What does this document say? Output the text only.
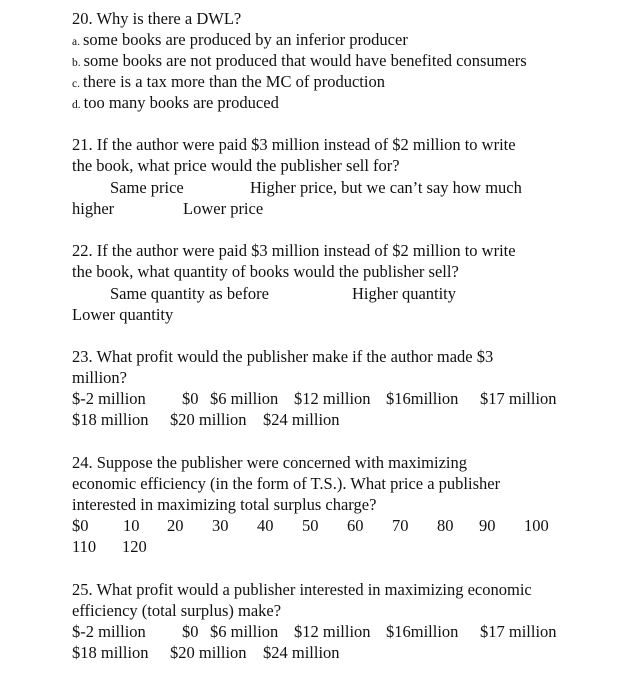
20. Why is there a DWL?
a. some books are produced by an inferior producer
b. some books are not produced that would have benefited consumers
c. there is a tax more than the MC of production
d. too many books are produced
21. If the author were paid $3 million instead of $2 million to write
the book, what price would the publisher sell for?
Same price	Higher price, but we can’t say how much
higher	Lower price
22. If the author were paid $3 million instead of $2 million to write
the book, what quantity of books would the publisher sell?
Same quantity as before	Higher quantity
Lower quantity
23. What profit would the publisher make if the author made $3
million?
$-2 million $0 $6 million $12 million $16million $17 million
$18 million $20 million $24 million
24. Suppose the publisher were concerned with maximizing
economic efficiency (in the form of T.S.). What price a publisher
interested in maximizing total surplus charge?
$0 10 20 30 40 50 60 70 80 90 100
110 120
25. What profit would a publisher interested in maximizing economic
efficiency (total surplus) make?
$-2 million $0 $6 million $12 million $16million $17 million
$18 million $20 million $24 million
